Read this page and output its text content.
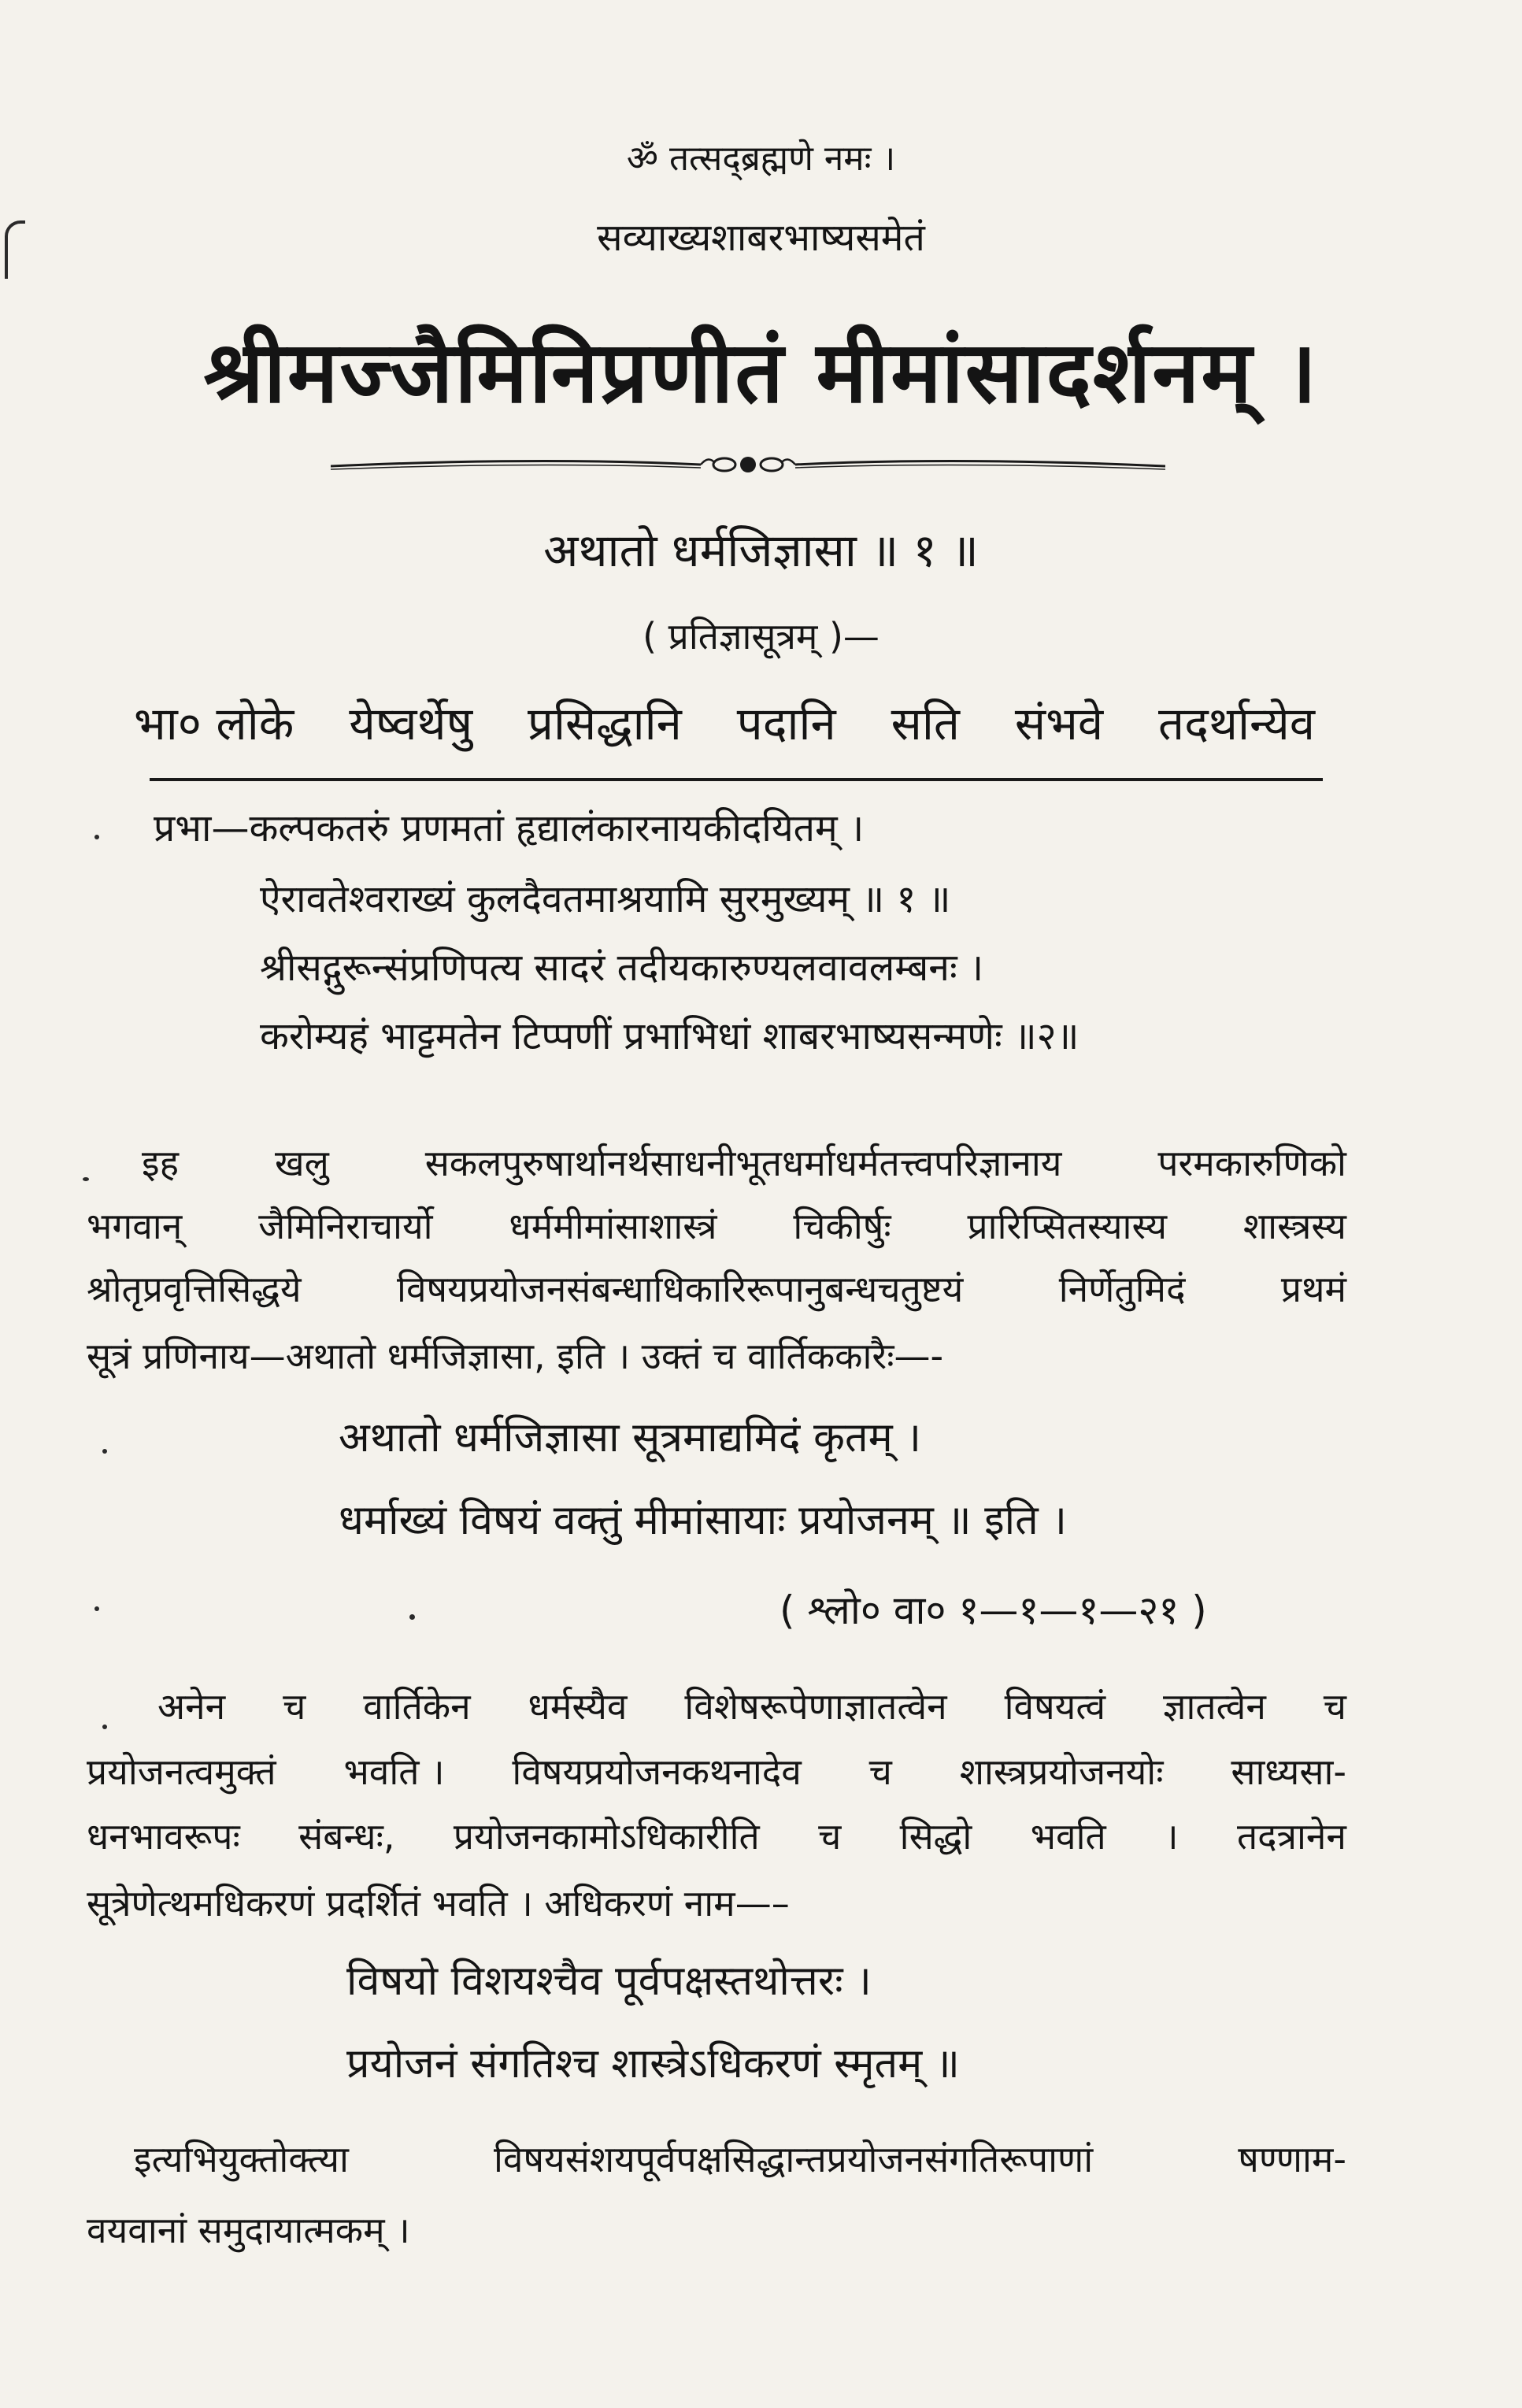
ॐ तत्सद्ब्रह्मणे नमः ।
सव्याख्यशाबरभाष्यसमेतं
श्रीमज्जैमिनिप्रणीतं मीमांसादर्शनम् ।
अथातो धर्मजिज्ञासा ॥ १ ॥
( प्रतिज्ञासूत्रम् )—
भा० लोके येष्वर्थेषु प्रसिद्धानि पदानि सति संभवे तदर्थान्येव
प्रभा—कल्पकतरुं प्रणमतां हृद्यालंकारनायकीदयितम् ।
ऐरावतेश्वराख्यं कुलदैवतमाश्रयामि सुरमुख्यम् ॥ १ ॥
श्रीसद्गुरून्संप्रणिपत्य सादरं तदीयकारुण्यलवावलम्बनः ।
करोम्यहं भाट्टमतेन टिप्पणीं प्रभाभिधां शाबरभाष्यसन्मणेः ॥२॥
इह	खलु	सकलपुरुषार्थानर्थसाधनीभूतधर्माधर्मतत्त्वपरिज्ञानाय	परमकारुणिको
भगवान् जैमिनिराचार्यो धर्ममीमांसाशास्त्रं चिकीर्षुः प्रारिप्सितस्यास्य शास्त्रस्य
श्रोतृप्रवृत्तिसिद्धये	विषयप्रयोजनसंबन्धाधिकारिरूपानुबन्धचतुष्टयं	निर्णेतुमिदं	प्रथमं
सूत्रं प्रणिनाय—अथातो धर्मजिज्ञासा, इति । उक्तं च वार्तिककारैः—-
अथातो धर्मजिज्ञासा सूत्रमाद्यमिदं कृतम् ।
धर्माख्यं विषयं वक्तुं मीमांसायाः प्रयोजनम् ॥ इति ।
( श्लो० वा० १—१—१—२१ )
अनेन च वार्तिकेन धर्मस्यैव विशेषरूपेणाज्ञातत्वेन विषयत्वं ज्ञातत्वेन च
प्रयोजनत्वमुक्तं भवति । विषयप्रयोजनकथनादेव च शास्त्रप्रयोजनयोः साध्यसा-
धनभावरूपः संबन्धः, प्रयोजनकामोऽधिकारीति च सिद्धो भवति । तदत्रानेन
सूत्रेणेत्थमधिकरणं प्रदर्शितं भवति । अधिकरणं नाम—–
विषयो विशयश्चैव पूर्वपक्षस्तथोत्तरः ।
प्रयोजनं संगतिश्च शास्त्रेऽधिकरणं स्मृतम् ॥
इत्यभियुक्तोक्त्या	विषयसंशयपूर्वपक्षसिद्धान्तप्रयोजनसंगतिरूपाणां	षण्णाम-
वयवानां समुदायात्मकम् ।
